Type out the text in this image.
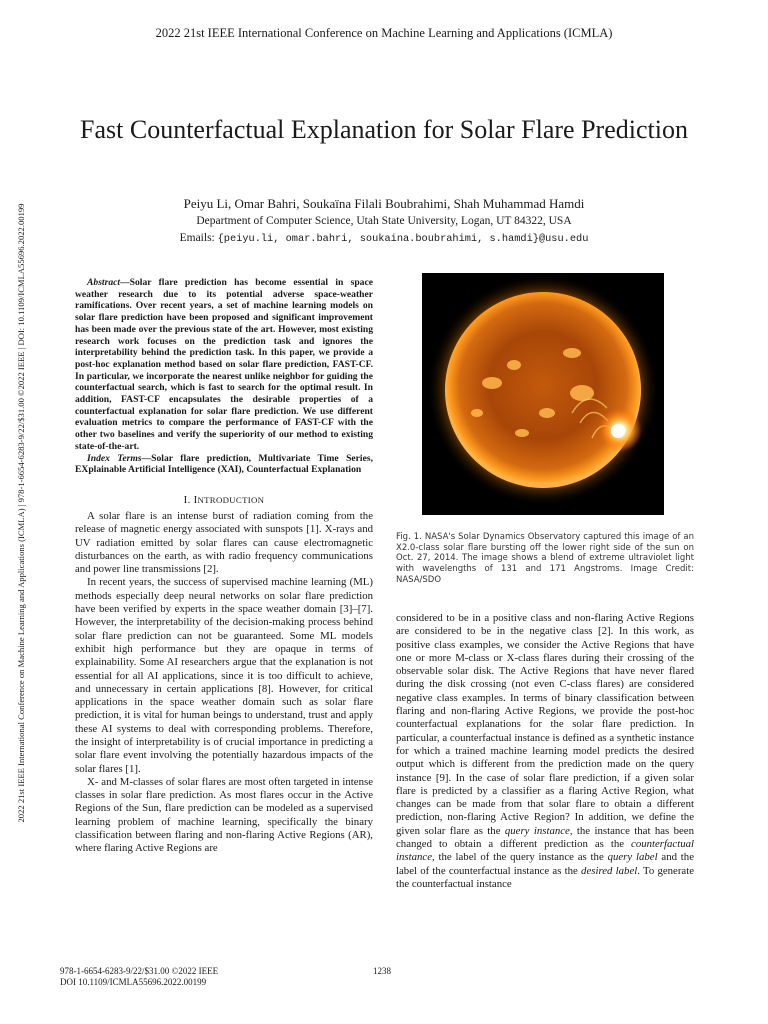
2022 21st IEEE International Conference on Machine Learning and Applications (ICMLA)
2022 21st IEEE International Conference on Machine Learning and Applications (ICMLA) | 978-1-6654-6283-9/22/$31.00 ©2022 IEEE | DOI: 10.1109/ICMLA55696.2022.00199
Fast Counterfactual Explanation for Solar Flare Prediction
Peiyu Li, Omar Bahri, Soukaïna Filali Boubrahimi, Shah Muhammad Hamdi
Department of Computer Science, Utah State University, Logan, UT 84322, USA
Emails: {peiyu.li, omar.bahri, soukaina.boubrahimi, s.hamdi}@usu.edu

Abstract—Solar flare prediction has become essential in space weather research due to its potential adverse space-weather ramifications. Over recent years, a set of machine learning models on solar flare prediction have been proposed and significant improvement has been made over the previous state of the art. However, most existing research work focuses on the prediction task and ignores the interpretability behind the prediction task. In this paper, we provide a post-hoc explanation method based on solar flare prediction, FAST-CF. In particular, we incorporate the nearest unlike neighbor for guiding the counterfactual search, which is fast to search for the optimal result. In addition, FAST-CF encapsulates the desirable properties of a counterfactual explanation for solar flare prediction. We use different evaluation metrics to compare the performance of FAST-CF with the other two baselines and verify the superiority of our method to existing state-of-the-art.

Index Terms—Solar flare prediction, Multivariate Time Series, EXplainable Artificial Intelligence (XAI), Counterfactual Explanation

I. INTRODUCTION

A solar flare is an intense burst of radiation coming from the release of magnetic energy associated with sunspots [1]. X-rays and UV radiation emitted by solar flares can cause electromagnetic disturbances on the earth, as with radio frequency communications and power line transmissions [2].

In recent years, the success of supervised machine learning (ML) methods especially deep neural networks on solar flare prediction have been verified by experts in the space weather domain [3]–[7]. However, the interpretability of the decision-making process behind solar flare prediction can not be guaranteed. Some ML models exhibit high performance but they are opaque in terms of explainability. Some AI researchers argue that the explanation is not essential for all AI applications, since it is too difficult to achieve, and unnecessary in certain applications [8]. However, for critical applications in the space weather domain such as solar flare prediction, it is vital for human beings to understand, trust and apply these AI systems to deal with corresponding problems. Therefore, the insight of interpretability is of crucial importance in predicting a solar flare event involving the potentially hazardous impacts of the solar flares [1].

X- and M-classes of solar flares are most often targeted in intense classes in solar flare prediction. As most flares occur in the Active Regions of the Sun, flare prediction can be modeled as a supervised learning problem of machine learning, specifically the binary classification between flaring and non-flaring Active Regions (AR), where flaring Active Regions are

Fig. 1. NASA's Solar Dynamics Observatory captured this image of an X2.0-class solar flare bursting off the lower right side of the sun on Oct. 27, 2014. The image shows a blend of extreme ultraviolet light with wavelengths of 131 and 171 Angstroms. Image Credit: NASA/SDO

considered to be in a positive class and non-flaring Active Regions are considered to be in the negative class [2]. In this work, as positive class examples, we consider the Active Regions that have one or more M-class or X-class flares during their crossing of the observable solar disk. The Active Regions that have never flared during the disk crossing (not even C-class flares) are considered negative class examples. In terms of binary classification between flaring and non-flaring Active Regions, we provide the post-hoc counterfactual explanations for the solar flare prediction. In particular, a counterfactual instance is defined as a synthetic instance for which a trained machine learning model predicts the desired output which is different from the prediction made on the query instance [9]. In the case of solar flare prediction, if a given solar flare is predicted by a classifier as a flaring Active Region, what changes can be made from that solar flare to obtain a different prediction, non-flaring Active Region? In addition, we define the given solar flare as the query instance, the instance that has been changed to obtain a different prediction as the counterfactual instance, the label of the query instance as the query label and the label of the counterfactual instance as the desired label. To generate the counterfactual instance

978-1-6654-6283-9/22/$31.00 ©2022 IEEE
DOI 10.1109/ICMLA55696.2022.00199
1238
